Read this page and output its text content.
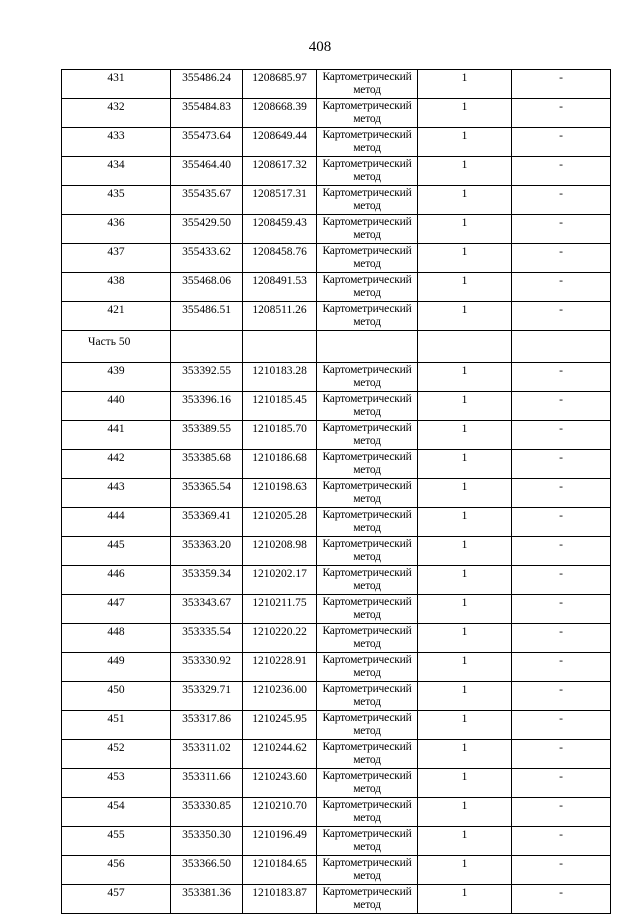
408
431	355486.24	1208685.97	Картометрический метод	1	-
432	355484.83	1208668.39	Картометрический метод	1	-
433	355473.64	1208649.44	Картометрический метод	1	-
434	355464.40	1208617.32	Картометрический метод	1	-
435	355435.67	1208517.31	Картометрический метод	1	-
436	355429.50	1208459.43	Картометрический метод	1	-
437	355433.62	1208458.76	Картометрический метод	1	-
438	355468.06	1208491.53	Картометрический метод	1	-
421	355486.51	1208511.26	Картометрический метод	1	-
Часть 50					
439	353392.55	1210183.28	Картометрический метод	1	-
440	353396.16	1210185.45	Картометрический метод	1	-
441	353389.55	1210185.70	Картометрический метод	1	-
442	353385.68	1210186.68	Картометрический метод	1	-
443	353365.54	1210198.63	Картометрический метод	1	-
444	353369.41	1210205.28	Картометрический метод	1	-
445	353363.20	1210208.98	Картометрический метод	1	-
446	353359.34	1210202.17	Картометрический метод	1	-
447	353343.67	1210211.75	Картометрический метод	1	-
448	353335.54	1210220.22	Картометрический метод	1	-
449	353330.92	1210228.91	Картометрический метод	1	-
450	353329.71	1210236.00	Картометрический метод	1	-
451	353317.86	1210245.95	Картометрический метод	1	-
452	353311.02	1210244.62	Картометрический метод	1	-
453	353311.66	1210243.60	Картометрический метод	1	-
454	353330.85	1210210.70	Картометрический метод	1	-
455	353350.30	1210196.49	Картометрический метод	1	-
456	353366.50	1210184.65	Картометрический метод	1	-
457	353381.36	1210183.87	Картометрический метод	1	-
